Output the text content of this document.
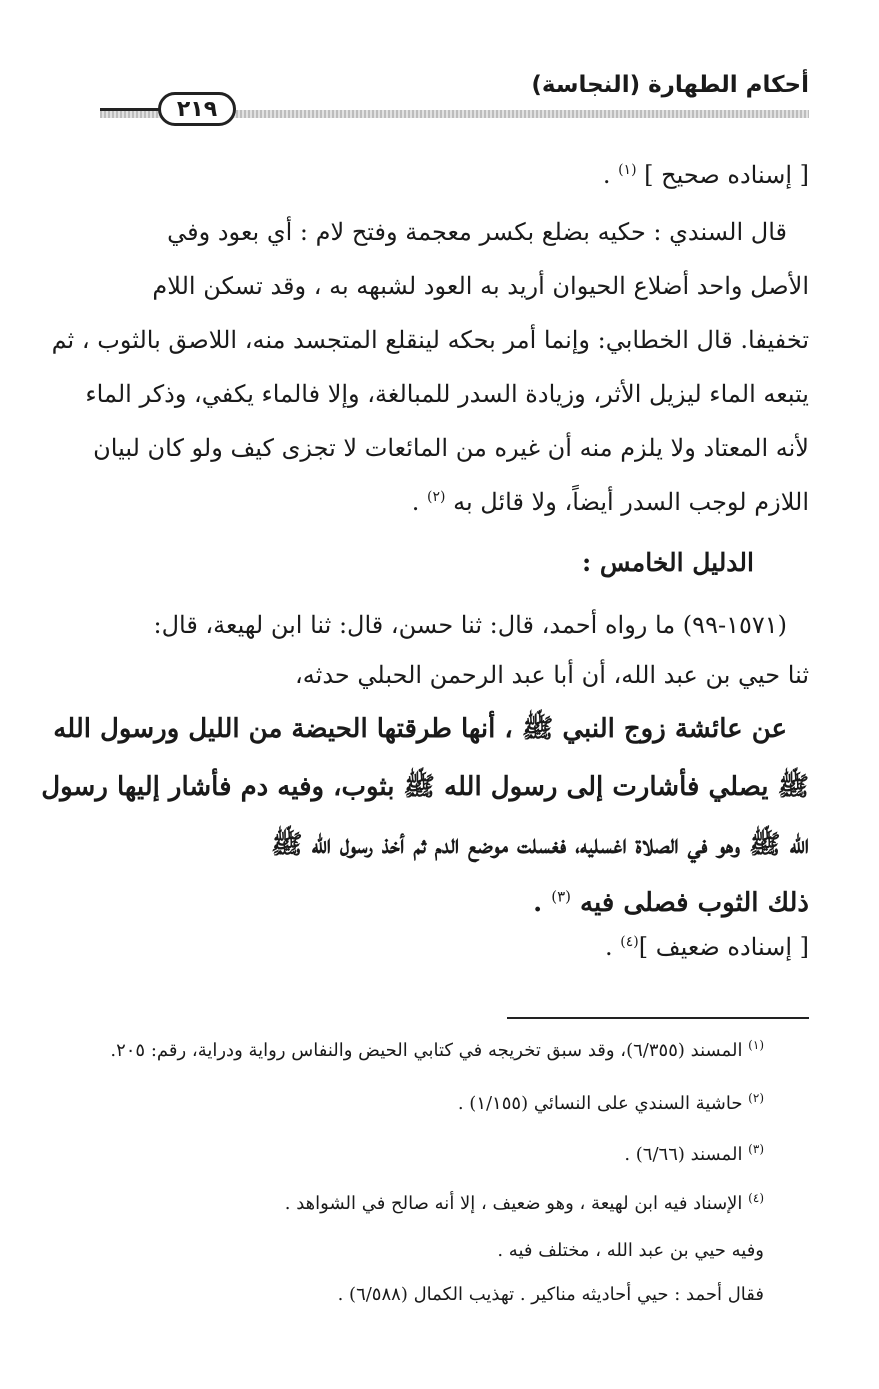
أحكام الطهارة (النجاسة)
٢١٩
[ إسناده صحيح ] $^{(١)}$ .
قال السندي : حكيه بضلع بكسر معجمة وفتح لام : أي بعود وفي
الأصل واحد أضلاع الحيوان أريد به العود لشبهه به ، وقد تسكن اللام
تخفيفا. قال الخطابي: وإنما أمر بحكه لينقلع المتجسد منه، اللاصق بالثوب ، ثم
يتبعه الماء ليزيل الأثر، وزيادة السدر للمبالغة، وإلا فالماء يكفي، وذكر الماء
لأنه المعتاد ولا يلزم منه أن غيره من المائعات لا تجزى كيف ولو كان لبيان
اللازم لوجب السدر أيضاً، ولا قائل به $^{(٢)}$ .
الدليل الخامس :
(١٥٧١-٩٩) ما رواه أحمد، قال: ثنا حسن، قال: ثنا ابن لهيعة، قال:
ثنا حيي بن عبد الله، أن أبا عبد الرحمن الحبلي حدثه،
عن عائشة زوج النبي ﷺ ، أنها طرقتها الحيضة من الليل ورسول الله
ﷺ يصلي فأشارت إلى رسول الله ﷺ بثوب، وفيه دم فأشار إليها رسول
الله ﷺ وهو في الصلاة اغسليه، فغسلت موضع الدم ثم أخذ رسول الله ﷺ
ذلك الثوب فصلى فيه $^{(٣)}$ .
[ إسناده ضعيف ]$^{(٤)}$ .
$^{(١)}$ المسند (٦/٣٥٥)، وقد سبق تخريجه في كتابي الحيض والنفاس رواية ودراية، رقم: ٢٠٥.
$^{(٢)}$ حاشية السندي على النسائي (١/١٥٥) .
$^{(٣)}$ المسند (٦/٦٦) .
$^{(٤)}$ الإسناد فيه ابن لهيعة ، وهو ضعيف ، إلا أنه صالح في الشواهد .
وفيه حيي بن عبد الله ، مختلف فيه .
فقال أحمد : حيي أحاديثه مناكير . تهذيب الكمال (٦/٥٨٨) .
